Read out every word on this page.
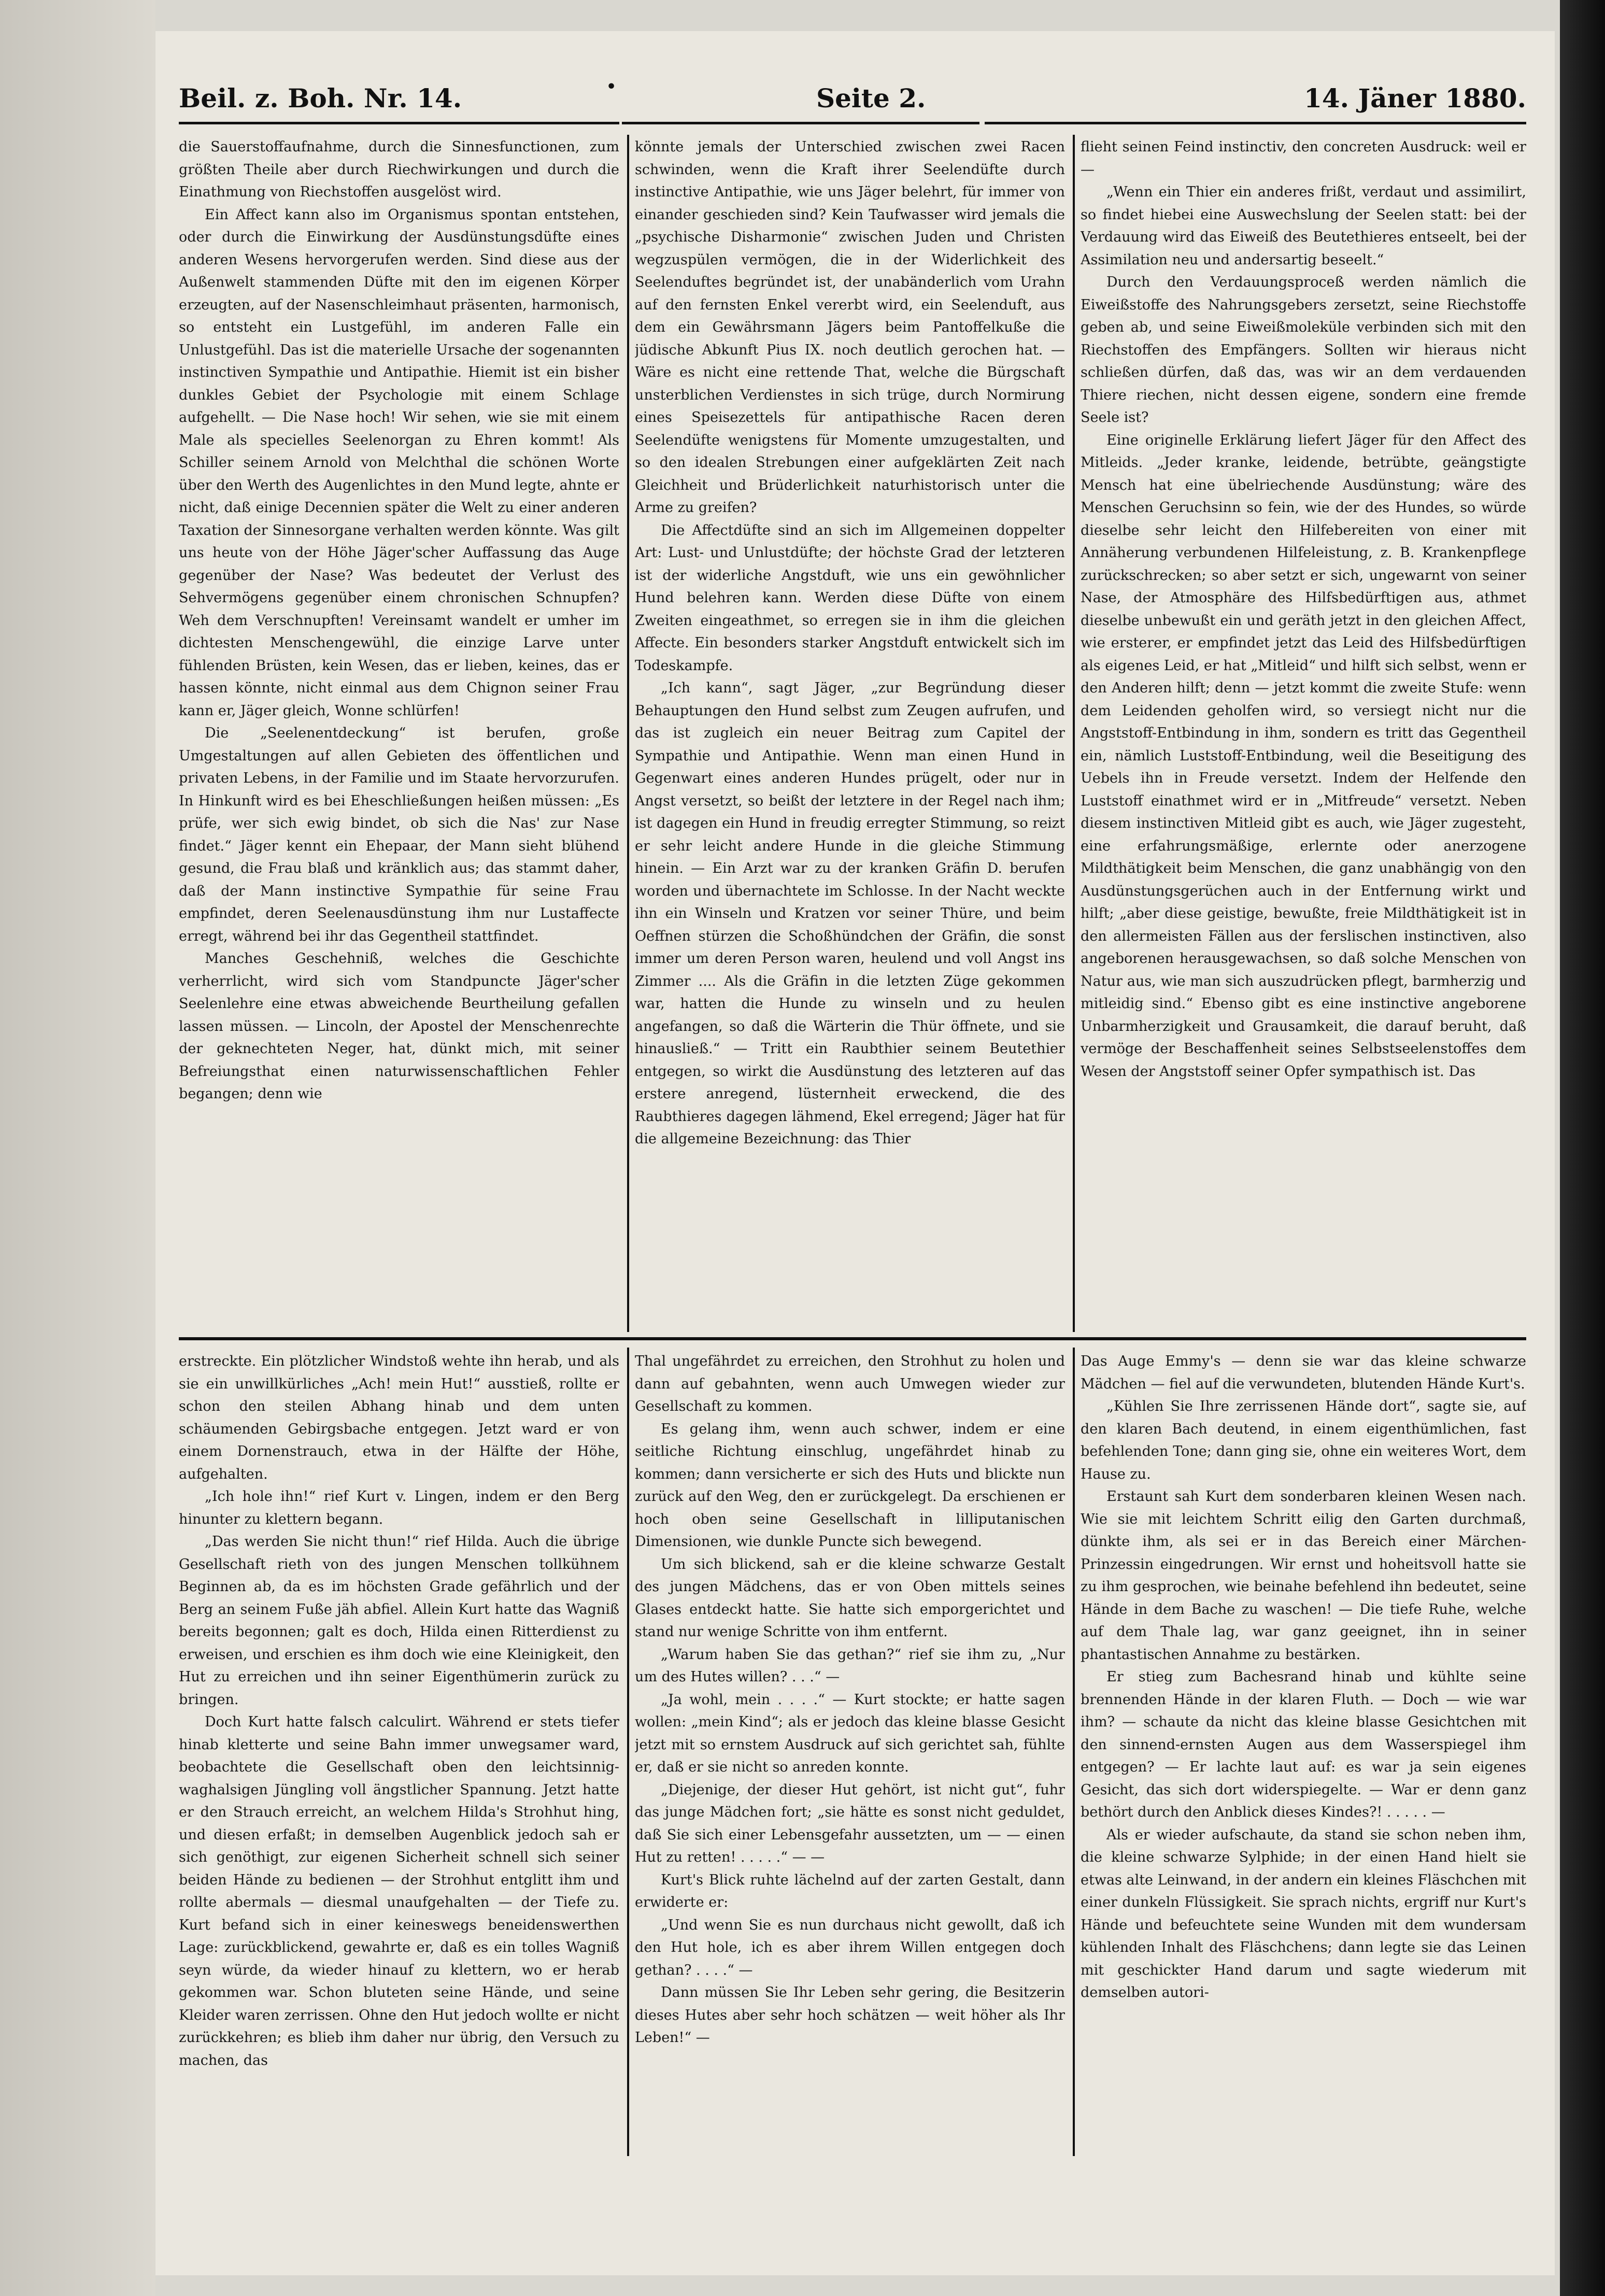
Beil. z. Boh. Nr. 14.	•	Seite 2.	14. Jäner 1880.

die Sauerstoffaufnahme, durch die Sinnesfunctionen, zum größten Theile aber durch Riechwirkungen und durch die Einathmung von Riechstoffen ausgelöst wird.

Ein Affect kann also im Organismus spontan entstehen, oder durch die Einwirkung der Ausdünstungsdüfte eines anderen Wesens hervorgerufen werden. Sind diese aus der Außenwelt stammenden Düfte mit den im eigenen Körper erzeugten, auf der Nasenschleimhaut präsenten, harmonisch, so entsteht ein Lustgefühl, im anderen Falle ein Unlustgefühl. Das ist die materielle Ursache der sogenannten instinctiven Sympathie und Antipathie. Hiemit ist ein bisher dunkles Gebiet der Psychologie mit einem Schlage aufgehellt. — Die Nase hoch! Wir sehen, wie sie mit einem Male als specielles Seelenorgan zu Ehren kommt! Als Schiller seinem Arnold von Melchthal die schönen Worte über den Werth des Augenlichtes in den Mund legte, ahnte er nicht, daß einige Decennien später die Welt zu einer anderen Taxation der Sinnesorgane verhalten werden könnte. Was gilt uns heute von der Höhe Jäger'scher Auffassung das Auge gegenüber der Nase? Was bedeutet der Verlust des Sehvermögens gegenüber einem chronischen Schnupfen? Weh dem Verschnupften! Vereinsamt wandelt er umher im dichtesten Menschengewühl, die einzige Larve unter fühlenden Brüsten, kein Wesen, das er lieben, keines, das er hassen könnte, nicht einmal aus dem Chignon seiner Frau kann er, Jäger gleich, Wonne schlürfen!

Die „Seelenentdeckung“ ist berufen, große Umgestaltungen auf allen Gebieten des öffentlichen und privaten Lebens, in der Familie und im Staate hervorzurufen. In Hinkunft wird es bei Eheschließungen heißen müssen: „Es prüfe, wer sich ewig bindet, ob sich die Nas' zur Nase findet.“ Jäger kennt ein Ehepaar, der Mann sieht blühend gesund, die Frau blaß und kränklich aus; das stammt daher, daß der Mann instinctive Sympathie für seine Frau empfindet, deren Seelenausdünstung ihm nur Lustaffecte erregt, während bei ihr das Gegentheil stattfindet.

Manches Geschehniß, welches die Geschichte verherrlicht, wird sich vom Standpuncte Jäger'scher Seelenlehre eine etwas abweichende Beurtheilung gefallen lassen müssen. — Lincoln, der Apostel der Menschenrechte der geknechteten Neger, hat, dünkt mich, mit seiner Befreiungsthat einen naturwissenschaftlichen Fehler begangen; denn wie

könnte jemals der Unterschied zwischen zwei Racen schwinden, wenn die Kraft ihrer Seelendüfte durch instinctive Antipathie, wie uns Jäger belehrt, für immer von einander geschieden sind? Kein Taufwasser wird jemals die „psychische Disharmonie“ zwischen Juden und Christen wegzuspülen vermögen, die in der Widerlichkeit des Seelenduftes begründet ist, der unabänderlich vom Urahn auf den fernsten Enkel vererbt wird, ein Seelenduft, aus dem ein Gewährsmann Jägers beim Pantoffelkuße die jüdische Abkunft Pius IX. noch deutlich gerochen hat. — Wäre es nicht eine rettende That, welche die Bürgschaft unsterblichen Verdienstes in sich trüge, durch Normirung eines Speisezettels für antipathische Racen deren Seelendüfte wenigstens für Momente umzugestalten, und so den idealen Strebungen einer aufgeklärten Zeit nach Gleichheit und Brüderlichkeit naturhistorisch unter die Arme zu greifen?

Die Affectdüfte sind an sich im Allgemeinen doppelter Art: Lust- und Unlustdüfte; der höchste Grad der letzteren ist der widerliche Angstduft, wie uns ein gewöhnlicher Hund belehren kann. Werden diese Düfte von einem Zweiten eingeathmet, so erregen sie in ihm die gleichen Affecte. Ein besonders starker Angstduft entwickelt sich im Todeskampfe.

„Ich kann“, sagt Jäger, „zur Begründung dieser Behauptungen den Hund selbst zum Zeugen aufrufen, und das ist zugleich ein neuer Beitrag zum Capitel der Sympathie und Antipathie. Wenn man einen Hund in Gegenwart eines anderen Hundes prügelt, oder nur in Angst versetzt, so beißt der letztere in der Regel nach ihm; ist dagegen ein Hund in freudig erregter Stimmung, so reizt er sehr leicht andere Hunde in die gleiche Stimmung hinein. — Ein Arzt war zu der kranken Gräfin D. berufen worden und übernachtete im Schlosse. In der Nacht weckte ihn ein Winseln und Kratzen vor seiner Thüre, und beim Oeffnen stürzen die Schoßhündchen der Gräfin, die sonst immer um deren Person waren, heulend und voll Angst ins Zimmer .... Als die Gräfin in die letzten Züge gekommen war, hatten die Hunde zu winseln und zu heulen angefangen, so daß die Wärterin die Thür öffnete, und sie hinausließ.“ — Tritt ein Raubthier seinem Beutethier entgegen, so wirkt die Ausdünstung des letzteren auf das erstere anregend, lüsternheit erweckend, die des Raubthieres dagegen lähmend, Ekel erregend; Jäger hat für die allgemeine Bezeichnung: das Thier

flieht seinen Feind instinctiv, den concreten Ausdruck: weil er —

„Wenn ein Thier ein anderes frißt, verdaut und assimilirt, so findet hiebei eine Auswechslung der Seelen statt: bei der Verdauung wird das Eiweiß des Beutethieres entseelt, bei der Assimilation neu und andersartig beseelt.“

Durch den Verdauungsproceß werden nämlich die Eiweißstoffe des Nahrungsgebers zersetzt, seine Riechstoffe geben ab, und seine Eiweißmoleküle verbinden sich mit den Riechstoffen des Empfängers. Sollten wir hieraus nicht schließen dürfen, daß das, was wir an dem verdauenden Thiere riechen, nicht dessen eigene, sondern eine fremde Seele ist?

Eine originelle Erklärung liefert Jäger für den Affect des Mitleids. „Jeder kranke, leidende, betrübte, geängstigte Mensch hat eine übelriechende Ausdünstung; wäre des Menschen Geruchsinn so fein, wie der des Hundes, so würde dieselbe sehr leicht den Hilfebereiten von einer mit Annäherung verbundenen Hilfeleistung, z. B. Krankenpflege zurückschrecken; so aber setzt er sich, ungewarnt von seiner Nase, der Atmosphäre des Hilfsbedürftigen aus, athmet dieselbe unbewußt ein und geräth jetzt in den gleichen Affect, wie ersterer, er empfindet jetzt das Leid des Hilfsbedürftigen als eigenes Leid, er hat „Mitleid“ und hilft sich selbst, wenn er den Anderen hilft; denn — jetzt kommt die zweite Stufe: wenn dem Leidenden geholfen wird, so versiegt nicht nur die Angststoff-Entbindung in ihm, sondern es tritt das Gegentheil ein, nämlich Luststoff-Entbindung, weil die Beseitigung des Uebels ihn in Freude versetzt. Indem der Helfende den Luststoff einathmet wird er in „Mitfreude“ versetzt. Neben diesem instinctiven Mitleid gibt es auch, wie Jäger zugesteht, eine erfahrungsmäßige, erlernte oder anerzogene Mildthätigkeit beim Menschen, die ganz unabhängig von den Ausdünstungsgerüchen auch in der Entfernung wirkt und hilft; „aber diese geistige, bewußte, freie Mildthätigkeit ist in den allermeisten Fällen aus der ferslischen instinctiven, also angeborenen herausgewachsen, so daß solche Menschen von Natur aus, wie man sich auszudrücken pflegt, barmherzig und mitleidig sind.“ Ebenso gibt es eine instinctive angeborene Unbarmherzigkeit und Grausamkeit, die darauf beruht, daß vermöge der Beschaffenheit seines Selbstseelenstoffes dem Wesen der Angststoff seiner Opfer sympathisch ist. Das

erstreckte. Ein plötzlicher Windstoß wehte ihn herab, und als sie ein unwillkürliches „Ach! mein Hut!“ ausstieß, rollte er schon den steilen Abhang hinab und dem unten schäumenden Gebirgsbache entgegen. Jetzt ward er von einem Dornenstrauch, etwa in der Hälfte der Höhe, aufgehalten.

„Ich hole ihn!“ rief Kurt v. Lingen, indem er den Berg hinunter zu klettern begann.

„Das werden Sie nicht thun!“ rief Hilda. Auch die übrige Gesellschaft rieth von des jungen Menschen tollkühnem Beginnen ab, da es im höchsten Grade gefährlich und der Berg an seinem Fuße jäh abfiel. Allein Kurt hatte das Wagniß bereits begonnen; galt es doch, Hilda einen Ritterdienst zu erweisen, und erschien es ihm doch wie eine Kleinigkeit, den Hut zu erreichen und ihn seiner Eigenthümerin zurück zu bringen.

Doch Kurt hatte falsch calculirt. Während er stets tiefer hinab kletterte und seine Bahn immer unwegsamer ward, beobachtete die Gesellschaft oben den leichtsinnig-waghalsigen Jüngling voll ängstlicher Spannung. Jetzt hatte er den Strauch erreicht, an welchem Hilda's Strohhut hing, und diesen erfaßt; in demselben Augenblick jedoch sah er sich genöthigt, zur eigenen Sicherheit schnell sich seiner beiden Hände zu bedienen — der Strohhut entglitt ihm und rollte abermals — diesmal unaufgehalten — der Tiefe zu. Kurt befand sich in einer keineswegs beneidenswerthen Lage: zurückblickend, gewahrte er, daß es ein tolles Wagniß seyn würde, da wieder hinauf zu klettern, wo er herab gekommen war. Schon bluteten seine Hände, und seine Kleider waren zerrissen. Ohne den Hut jedoch wollte er nicht zurückkehren; es blieb ihm daher nur übrig, den Versuch zu machen, das

Thal ungefährdet zu erreichen, den Strohhut zu holen und dann auf gebahnten, wenn auch Umwegen wieder zur Gesellschaft zu kommen.

Es gelang ihm, wenn auch schwer, indem er eine seitliche Richtung einschlug, ungefährdet hinab zu kommen; dann versicherte er sich des Huts und blickte nun zurück auf den Weg, den er zurückgelegt. Da erschienen er hoch oben seine Gesellschaft in lilliputanischen Dimensionen, wie dunkle Puncte sich bewegend.

Um sich blickend, sah er die kleine schwarze Gestalt des jungen Mädchens, das er von Oben mittels seines Glases entdeckt hatte. Sie hatte sich emporgerichtet und stand nur wenige Schritte von ihm entfernt.

„Warum haben Sie das gethan?“ rief sie ihm zu, „Nur um des Hutes willen? . . .“ —

„Ja wohl, mein . . . .“ — Kurt stockte; er hatte sagen wollen: „mein Kind“; als er jedoch das kleine blasse Gesicht jetzt mit so ernstem Ausdruck auf sich gerichtet sah, fühlte er, daß er sie nicht so anreden konnte.

„Diejenige, der dieser Hut gehört, ist nicht gut“, fuhr das junge Mädchen fort; „sie hätte es sonst nicht geduldet, daß Sie sich einer Lebensgefahr aussetzten, um — — einen Hut zu retten! . . . . .“ — —

Kurt's Blick ruhte lächelnd auf der zarten Gestalt, dann erwiderte er:

„Und wenn Sie es nun durchaus nicht gewollt, daß ich den Hut hole, ich es aber ihrem Willen entgegen doch gethan? . . . .“ —

Dann müssen Sie Ihr Leben sehr gering, die Besitzerin dieses Hutes aber sehr hoch schätzen — weit höher als Ihr Leben!“ —

Das Auge Emmy's — denn sie war das kleine schwarze Mädchen — fiel auf die verwundeten, blutenden Hände Kurt's.

„Kühlen Sie Ihre zerrissenen Hände dort“, sagte sie, auf den klaren Bach deutend, in einem eigenthümlichen, fast befehlenden Tone; dann ging sie, ohne ein weiteres Wort, dem Hause zu.

Erstaunt sah Kurt dem sonderbaren kleinen Wesen nach. Wie sie mit leichtem Schritt eilig den Garten durchmaß, dünkte ihm, als sei er in das Bereich einer Märchen-Prinzessin eingedrungen. Wir ernst und hoheitsvoll hatte sie zu ihm gesprochen, wie beinahe befehlend ihn bedeutet, seine Hände in dem Bache zu waschen! — Die tiefe Ruhe, welche auf dem Thale lag, war ganz geeignet, ihn in seiner phantastischen Annahme zu bestärken.

Er stieg zum Bachesrand hinab und kühlte seine brennenden Hände in der klaren Fluth. — Doch — wie war ihm? — schaute da nicht das kleine blasse Gesichtchen mit den sinnend-ernsten Augen aus dem Wasserspiegel ihm entgegen? — Er lachte laut auf: es war ja sein eigenes Gesicht, das sich dort widerspiegelte. — War er denn ganz bethört durch den Anblick dieses Kindes?! . . . . . —

Als er wieder aufschaute, da stand sie schon neben ihm, die kleine schwarze Sylphide; in der einen Hand hielt sie etwas alte Leinwand, in der andern ein kleines Fläschchen mit einer dunkeln Flüssigkeit. Sie sprach nichts, ergriff nur Kurt's Hände und befeuchtete seine Wunden mit dem wundersam kühlenden Inhalt des Fläschchens; dann legte sie das Leinen mit geschickter Hand darum und sagte wiederum mit demselben autori-
